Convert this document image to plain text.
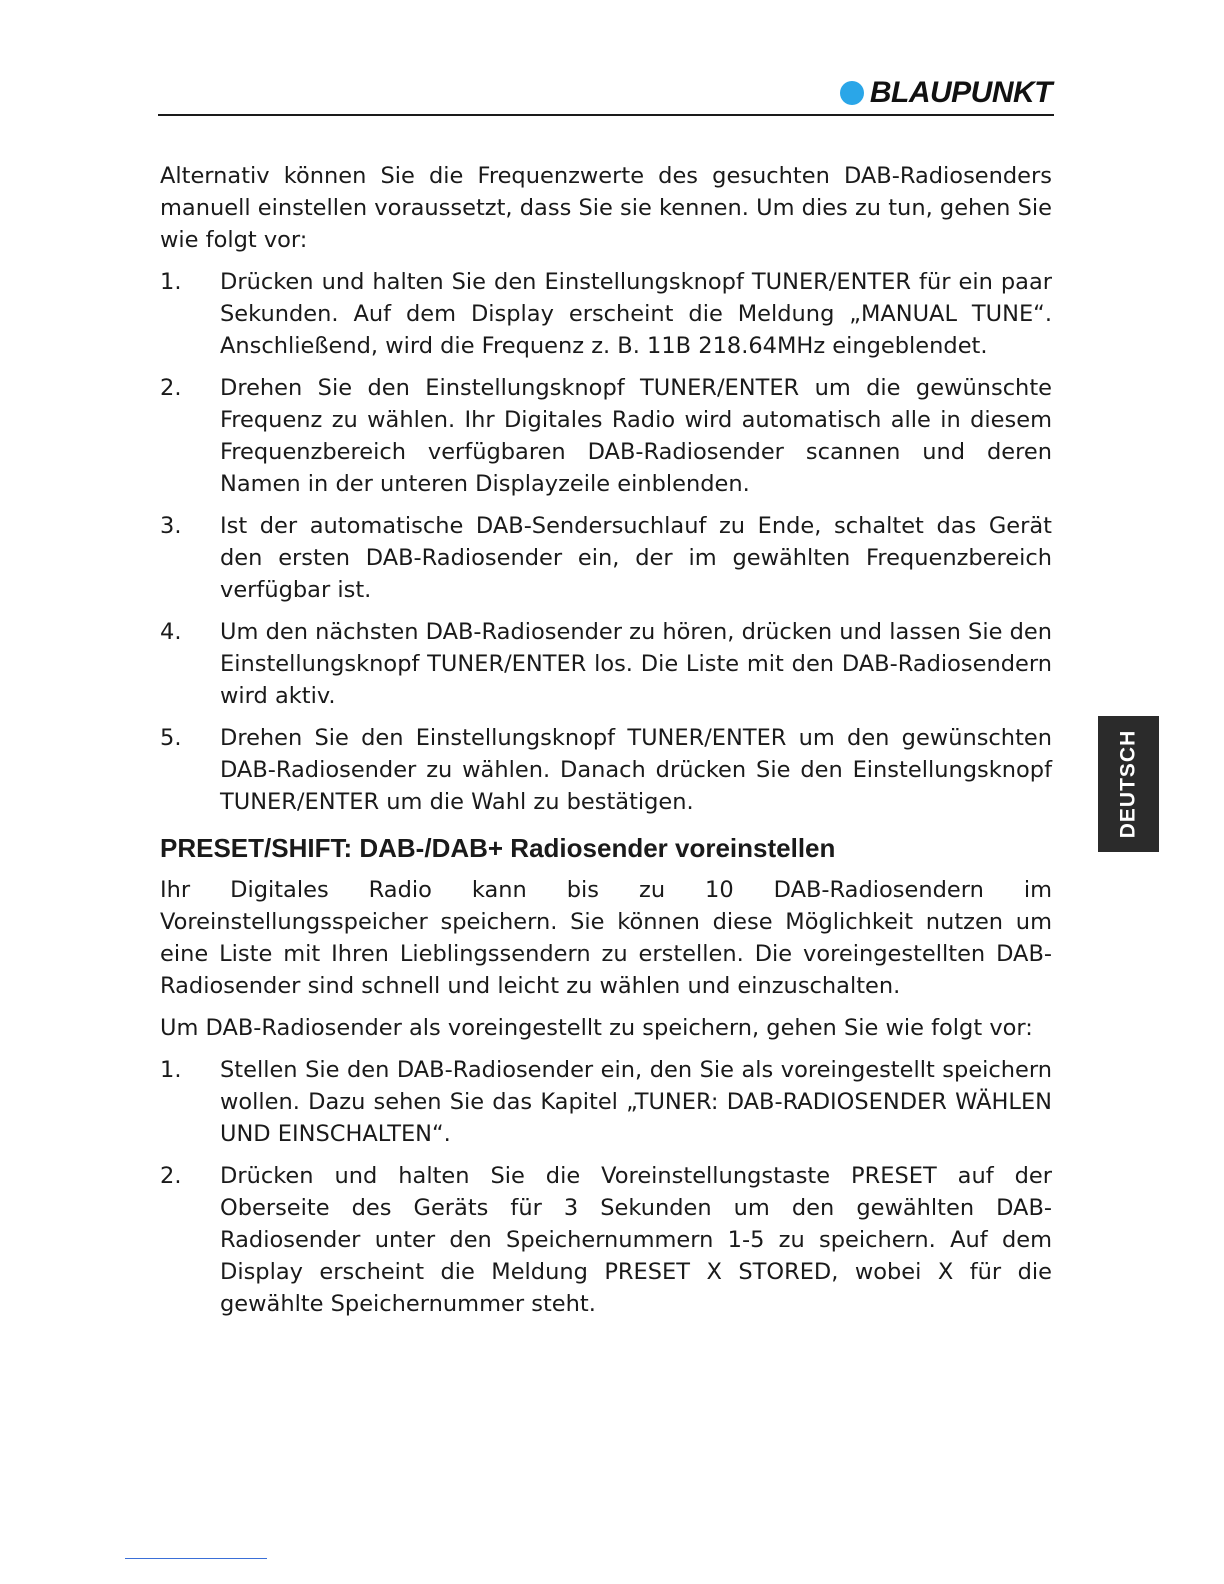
BLAUPUNKT

Alternativ können Sie die Frequenzwerte des gesuchten DAB-Radiosenders manuell einstellen voraussetzt, dass Sie sie kennen. Um dies zu tun, gehen Sie wie folgt vor:

1.	Drücken und halten Sie den Einstellungsknopf TUNER/ENTER für ein paar Sekunden. Auf dem Display erscheint die Meldung „MANUAL TUNE“. Anschließend, wird die Frequenz z. B. 11B 218.64MHz eingeblendet.
2.	Drehen Sie den Einstellungsknopf TUNER/ENTER um die gewünschte Frequenz zu wählen. Ihr Digitales Radio wird automatisch alle in diesem Frequenzbereich verfügbaren DAB-Radiosender scannen und deren Namen in der unteren Displayzeile einblenden.
3.	Ist der automatische DAB-Sendersuchlauf zu Ende, schaltet das Gerät den ersten DAB-Radiosender ein, der im gewählten Frequenzbereich verfügbar ist.
4.	Um den nächsten DAB-Radiosender zu hören, drücken und lassen Sie den Einstellungsknopf TUNER/ENTER los. Die Liste mit den DAB-Radiosendern wird aktiv.
5.	Drehen Sie den Einstellungsknopf TUNER/ENTER um den gewünschten DAB-Radiosender zu wählen. Danach drücken Sie den Einstellungsknopf TUNER/ENTER um die Wahl zu bestätigen.
PRESET/SHIFT: DAB-/DAB+ Radiosender voreinstellen

Ihr Digitales Radio kann bis zu 10 DAB-Radiosendern im Voreinstellungsspeicher speichern. Sie können diese Möglichkeit nutzen um eine Liste mit Ihren Lieblingssendern zu erstellen. Die voreingestellten DAB-Radiosender sind schnell und leicht zu wählen und einzuschalten.

Um DAB-Radiosender als voreingestellt zu speichern, gehen Sie wie folgt vor:

1.	Stellen Sie den DAB-Radiosender ein, den Sie als voreingestellt speichern wollen. Dazu sehen Sie das Kapitel „TUNER: DAB-RADIOSENDER WÄHLEN UND EINSCHALTEN“.
2.	Drücken und halten Sie die Voreinstellungstaste PRESET auf der Oberseite des Geräts für 3 Sekunden um den gewählten DAB-Radiosender unter den Speichernummern 1-5 zu speichern. Auf dem Display erscheint die Meldung PRESET X STORED, wobei X für die gewählte Speichernummer steht.
DEUTSCH
